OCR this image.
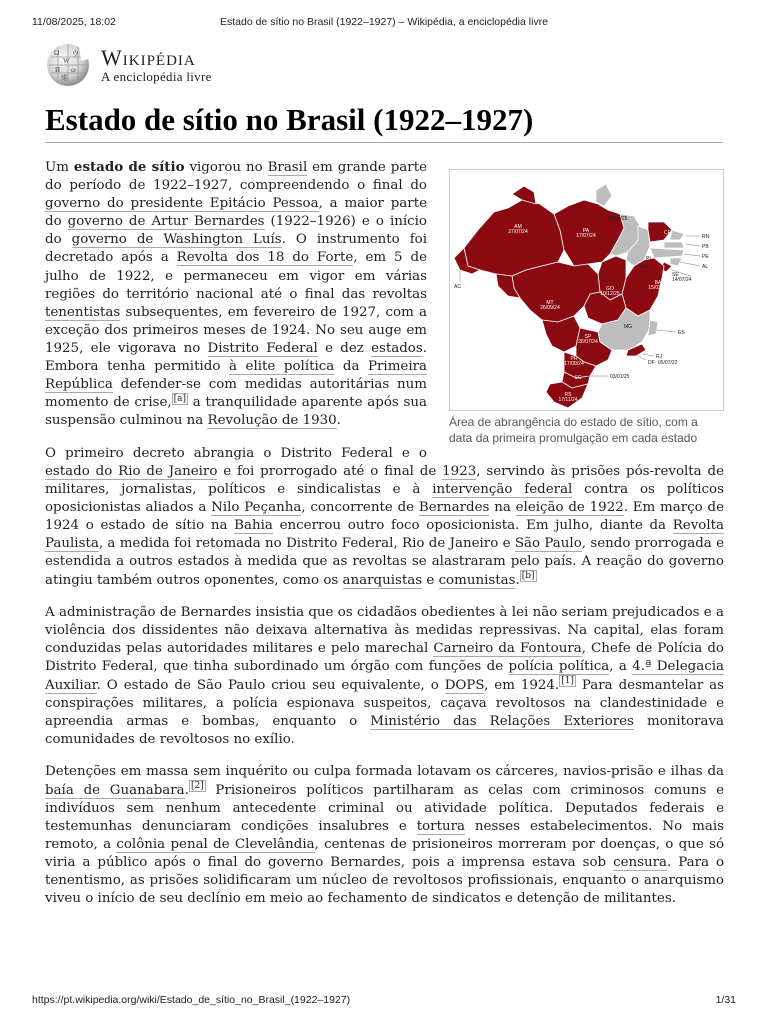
11/08/2025, 18:02	Estado de sítio no Brasil (1922–1927) – Wikipédia, a enciclopédia livre
Ω
W
ウ
И ω
維
Wikipédia
A enciclopédia livre
Estado de sítio no Brasil (1922–1927)
AM
27/07/24	PA
17/07/24
BA
15/03/24
MT
26/09/24
GO
10/12/25
SP
26/07/24
PR
17/09/24
RS
17/11/24
SC
23/04/25
RN
PB
PE
AL
SE
14/07/24
ES
RJ
DF 05/07/22
AC
03/01/25
MA
PI
CE
MG
Área de abrangência do estado de sítio, com a data da primeira promulgação em cada estado

Um estado de sítio vigorou no Brasil em grande parte do período de 1922–1927, compreendendo o final do governo do presidente Epitácio Pessoa, a maior parte do governo de Artur Bernardes (1922–1926) e o início do governo de Washington Luís. O instrumento foi decretado após a Revolta dos 18 do Forte, em 5 de julho de 1922, e permaneceu em vigor em várias regiões do território nacional até o final das revoltas tenentistas subsequentes, em fevereiro de 1927, com a exceção dos primeiros meses de 1924. No seu auge em 1925, ele vigorava no Distrito Federal e dez estados. Embora tenha permitido à elite política da Primeira República defender-se com medidas autoritárias num momento de crise, [a] a tranquilidade aparente após sua suspensão culminou na Revolução de 1930.

O primeiro decreto abrangia o Distrito Federal e o estado do Rio de Janeiro e foi prorrogado até o final de 1923, servindo às prisões pós-revolta de militares, jornalistas, políticos e sindicalistas e à intervenção federal contra os políticos oposicionistas aliados a Nilo Peçanha, concorrente de Bernardes na eleição de 1922. Em março de 1924 o estado de sítio na Bahia encerrou outro foco oposicionista. Em julho, diante da Revolta Paulista, a medida foi retomada no Distrito Federal, Rio de Janeiro e São Paulo, sendo prorrogada e estendida a outros estados à medida que as revoltas se alastraram pelo país. A reação do governo atingiu também outros oponentes, como os anarquistas e comunistas. [b]

A administração de Bernardes insistia que os cidadãos obedientes à lei não seriam prejudicados e a violência dos dissidentes não deixava alternativa às medidas repressivas. Na capital, elas foram conduzidas pelas autoridades militares e pelo marechal Carneiro da Fontoura, Chefe de Polícia do Distrito Federal, que tinha subordinado um órgão com funções de polícia política, a 4.ª Delegacia Auxiliar. O estado de São Paulo criou seu equivalente, o DOPS, em 1924. [1] Para desmantelar as conspirações militares, a polícia espionava suspeitos, caçava revoltosos na clandestinidade e apreendia armas e bombas, enquanto o Ministério das Relações Exteriores monitorava comunidades de revoltosos no exílio.

Detenções em massa sem inquérito ou culpa formada lotavam os cárceres, navios-prisão e ilhas da baía de Guanabara. [2] Prisioneiros políticos partilharam as celas com criminosos comuns e indivíduos sem nenhum antecedente criminal ou atividade política. Deputados federais e testemunhas denunciaram condições insalubres e tortura nesses estabelecimentos. No mais remoto, a colônia penal de Clevelândia, centenas de prisioneiros morreram por doenças, o que só viria a público após o final do governo Bernardes, pois a imprensa estava sob censura. Para o tenentismo, as prisões solidificaram um núcleo de revoltosos profissionais, enquanto o anarquismo viveu o início de seu declínio em meio ao fechamento de sindicatos e detenção de militantes.

https://pt.wikipedia.org/wiki/Estado_de_sítio_no_Brasil_(1922–1927)	1/31
